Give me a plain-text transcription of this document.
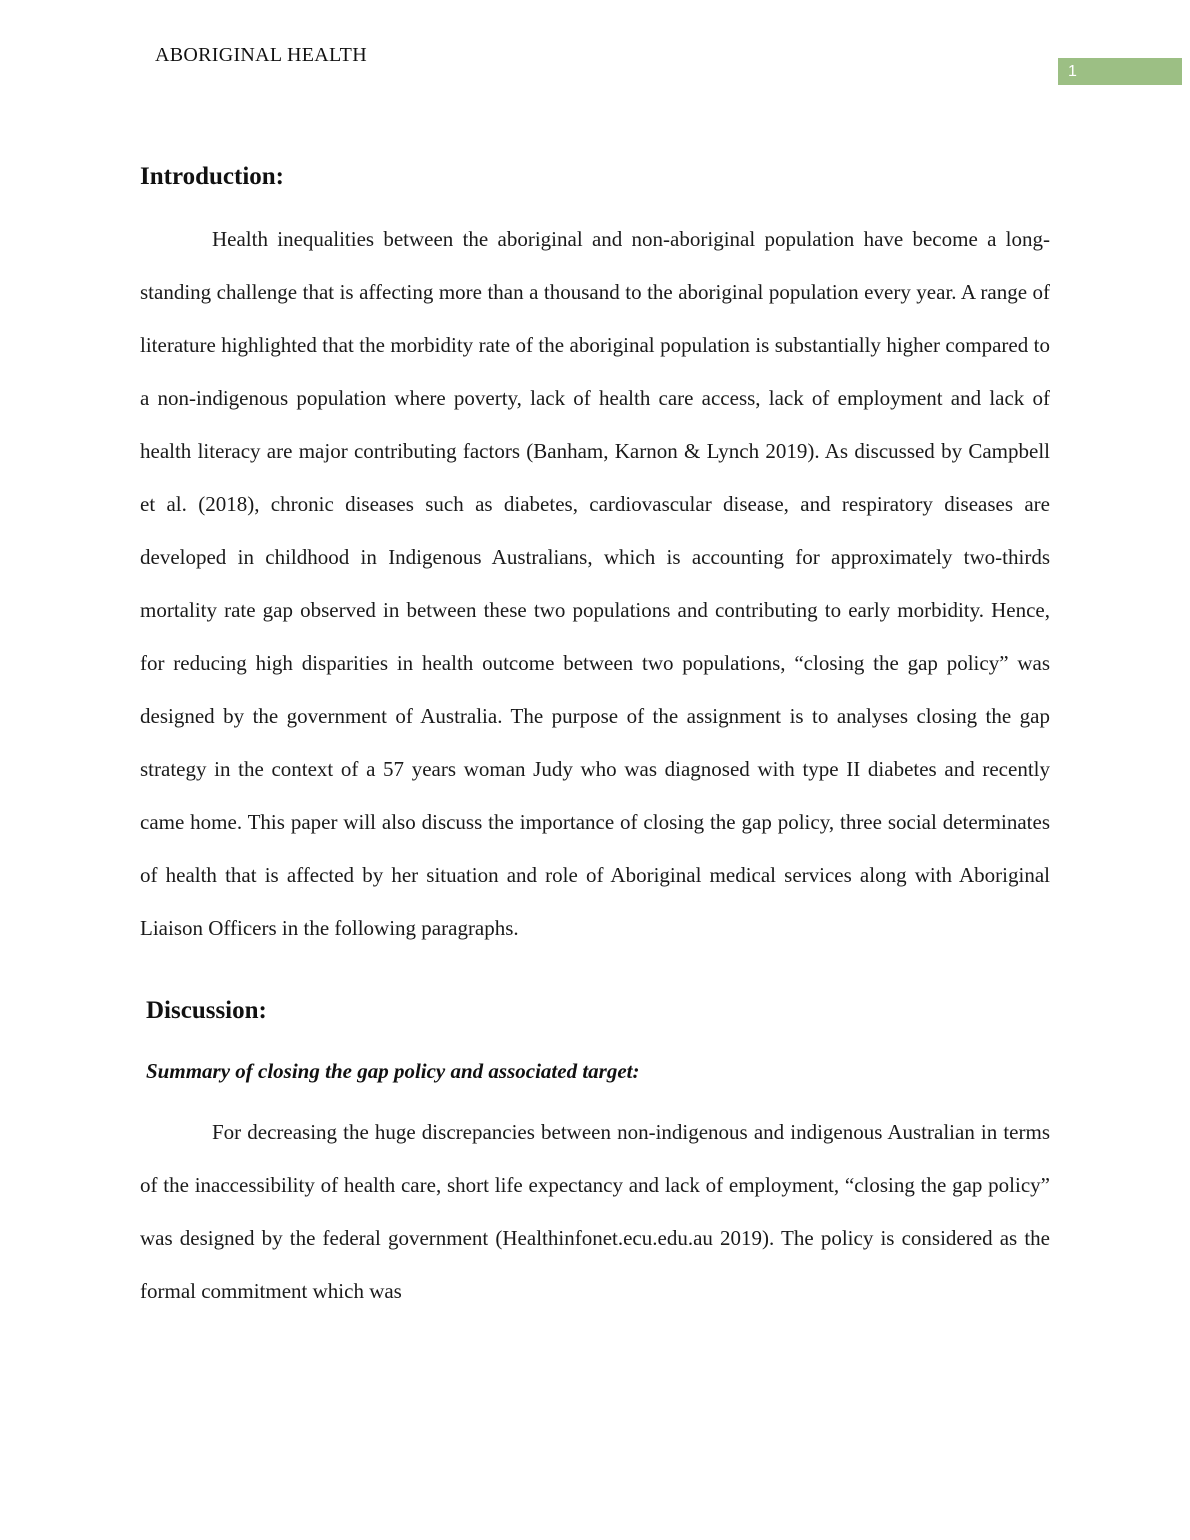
ABORIGINAL HEALTH
1
Introduction:

Health inequalities between the aboriginal and non-aboriginal population have become a long-standing challenge that is affecting more than a thousand to the aboriginal population every year. A range of literature highlighted that the morbidity rate of the aboriginal population is substantially higher compared to a non-indigenous population where poverty, lack of health care access, lack of employment and lack of health literacy are major contributing factors (Banham, Karnon & Lynch 2019). As discussed by Campbell et al. (2018), chronic diseases such as diabetes, cardiovascular disease, and respiratory diseases are developed in childhood in Indigenous Australians, which is accounting for approximately two-thirds mortality rate gap observed in between these two populations and contributing to early morbidity. Hence, for reducing high disparities in health outcome between two populations, “closing the gap policy” was designed by the government of Australia. The purpose of the assignment is to analyses closing the gap strategy in the context of a 57 years woman Judy who was diagnosed with type II diabetes and recently came home. This paper will also discuss the importance of closing the gap policy, three social determinates of health that is affected by her situation and role of Aboriginal medical services along with Aboriginal Liaison Officers in the following paragraphs.

Discussion:
Summary of closing the gap policy and associated target:

For decreasing the huge discrepancies between non-indigenous and indigenous Australian in terms of the inaccessibility of health care, short life expectancy and lack of employment, “closing the gap policy” was designed by the federal government (Healthinfonet.ecu.edu.au 2019). The policy is considered as the formal commitment which was
